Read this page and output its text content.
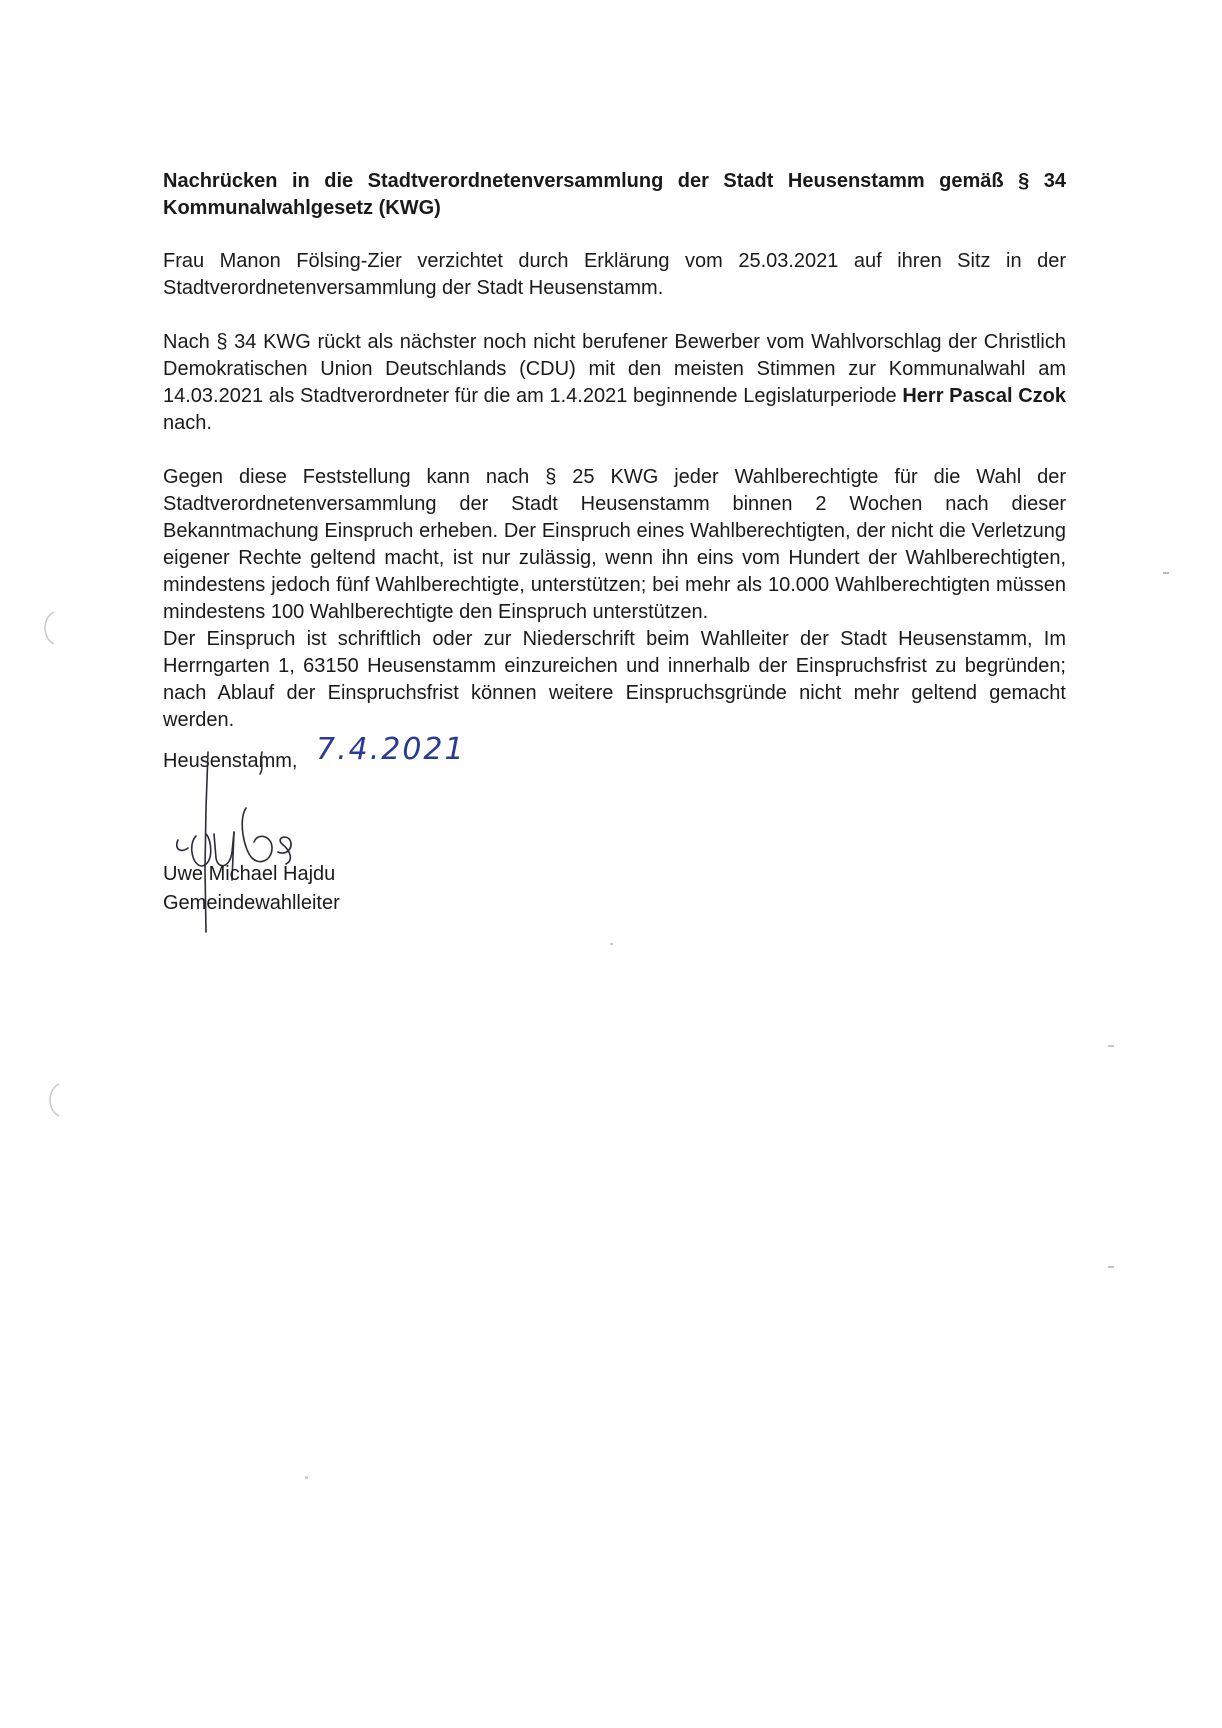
Nachrücken in die Stadtverordnetenversammlung der Stadt Heusenstamm gemäß § 34 Kommunalwahlgesetz (KWG)

Frau Manon Fölsing-Zier verzichtet durch Erklärung vom 25.03.2021 auf ihren Sitz in der Stadtverordnetenversammlung der Stadt Heusenstamm.

Nach § 34 KWG rückt als nächster noch nicht berufener Bewerber vom Wahlvorschlag der Christlich Demokratischen Union Deutschlands (CDU) mit den meisten Stimmen zur Kommunalwahl am 14.03.2021 als Stadtverordneter für die am 1.4.2021 beginnende Legislaturperiode Herr Pascal Czok nach.

Gegen diese Feststellung kann nach § 25 KWG jeder Wahlberechtigte für die Wahl der Stadtverordnetenversammlung der Stadt Heusenstamm binnen 2 Wochen nach dieser Bekanntmachung Einspruch erheben. Der Einspruch eines Wahlberechtigten, der nicht die Verletzung eigener Rechte geltend macht, ist nur zulässig, wenn ihn eins vom Hundert der Wahlberechtigten, mindestens jedoch fünf Wahlberechtigte, unterstützen; bei mehr als 10.000 Wahlberechtigten müssen mindestens 100 Wahlberechtigte den Einspruch unterstützen.

Der Einspruch ist schriftlich oder zur Niederschrift beim Wahlleiter der Stadt Heusenstamm, Im Herrngarten 1, 63150 Heusenstamm einzureichen und innerhalb der Einspruchsfrist zu begründen; nach Ablauf der Einspruchsfrist können weitere Einspruchsgründe nicht mehr geltend gemacht werden.

Heusenstamm, 7.4.2021
Uwe Michael Hajdu
Gemeindewahlleiter
